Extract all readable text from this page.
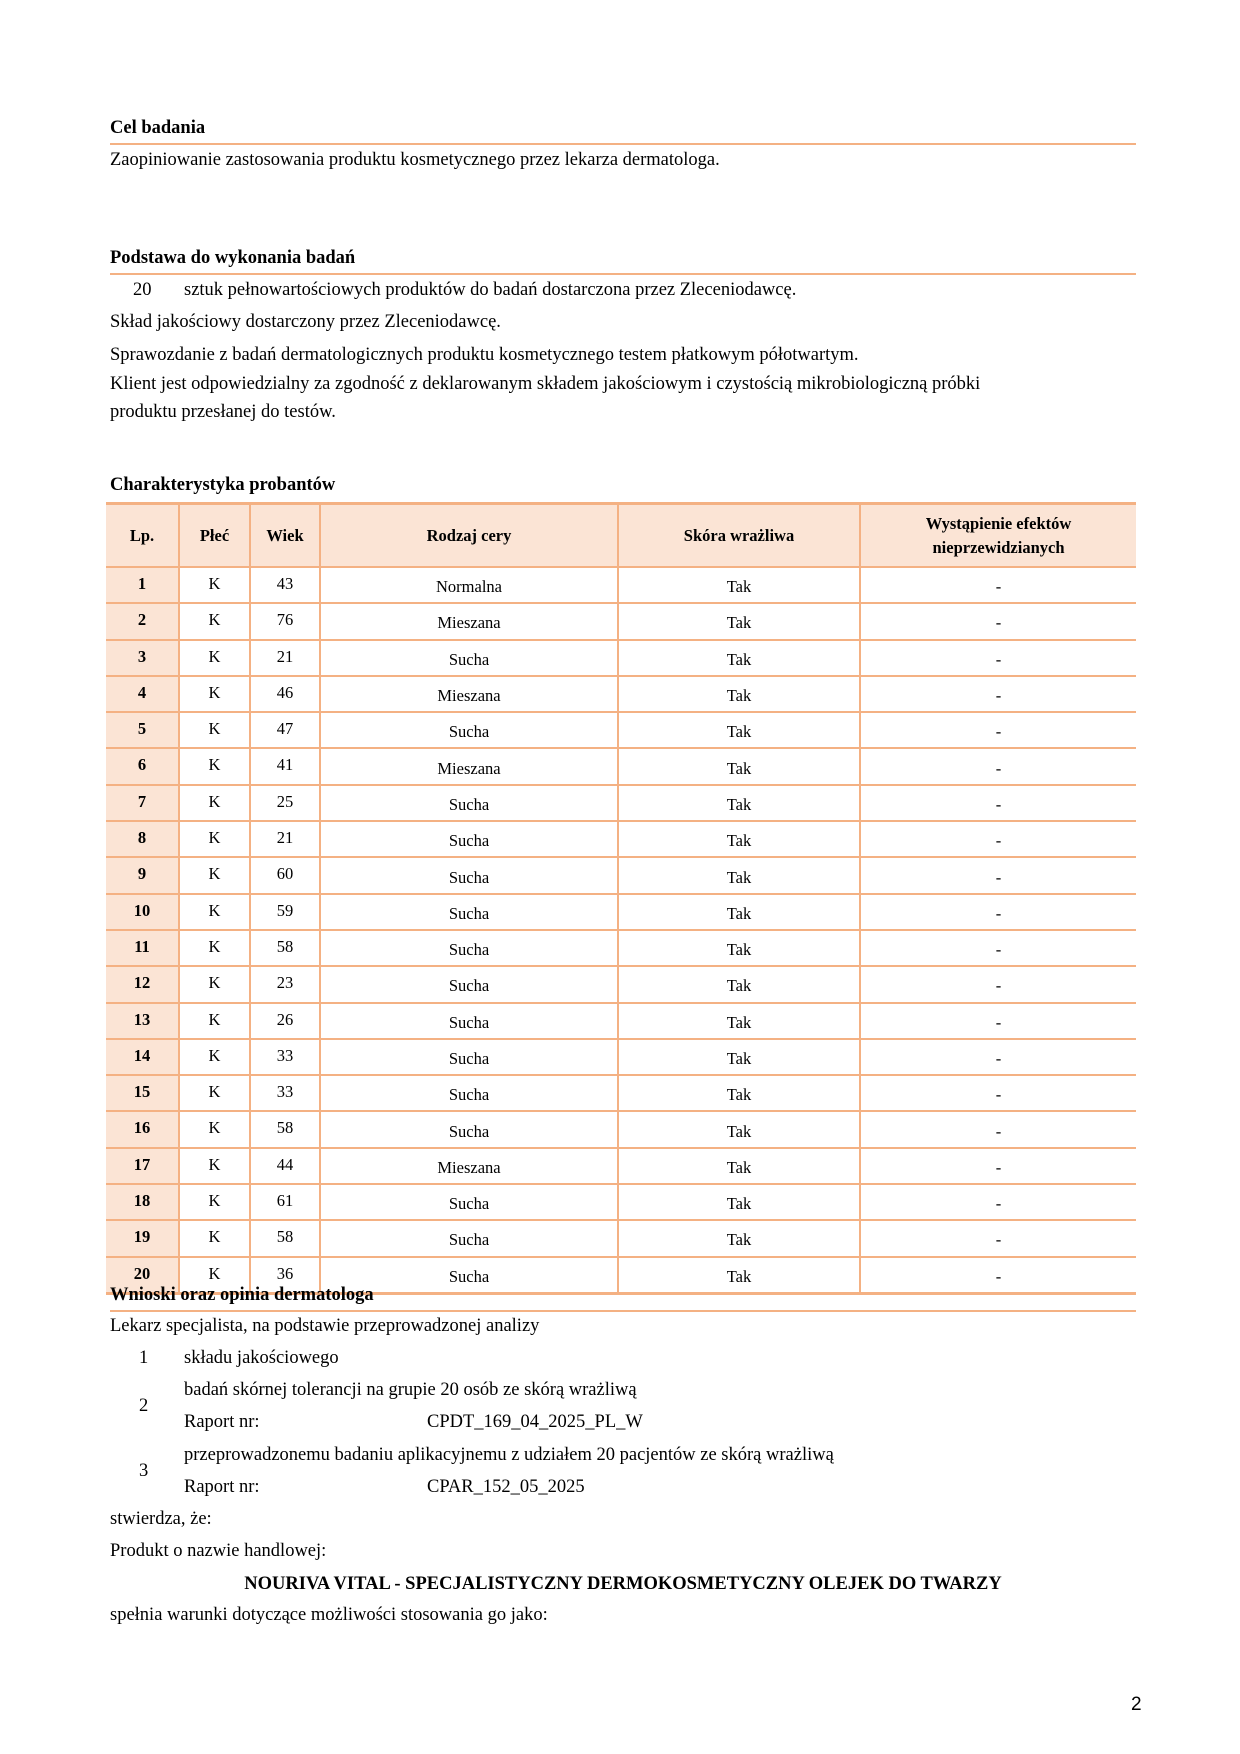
Cel badania
Zaopiniowanie zastosowania produktu kosmetycznego przez lekarza dermatologa.
Podstawa do wykonania badań
20 sztuk pełnowartościowych produktów do badań dostarczona przez Zleceniodawcę.
Skład jakościowy dostarczony przez Zleceniodawcę.
Sprawozdanie z badań dermatologicznych produktu kosmetycznego testem płatkowym półotwartym.
Klient jest odpowiedzialny za zgodność z deklarowanym składem jakościowym i czystością mikrobiologiczną próbki
produktu przesłanej do testów.
Charakterystyka probantów
Lp.	Płeć	Wiek	Rodzaj cery	Skóra wrażliwa	Wystąpienie efektów
nieprzewidzianych

1	K	43	Normalna	Tak	-
2	K	76	Mieszana	Tak	-
3	K	21	Sucha	Tak	-
4	K	46	Mieszana	Tak	-
5	K	47	Sucha	Tak	-
6	K	41	Mieszana	Tak	-
7	K	25	Sucha	Tak	-
8	K	21	Sucha	Tak	-
9	K	60	Sucha	Tak	-
10	K	59	Sucha	Tak	-
11	K	58	Sucha	Tak	-
12	K	23	Sucha	Tak	-
13	K	26	Sucha	Tak	-
14	K	33	Sucha	Tak	-
15	K	33	Sucha	Tak	-
16	K	58	Sucha	Tak	-
17	K	44	Mieszana	Tak	-
18	K	61	Sucha	Tak	-
19	K	58	Sucha	Tak	-
20	K	36	Sucha	Tak	-
Wnioski oraz opinia dermatologa
Lekarz specjalista, na podstawie przeprowadzonej analizy
1 składu jakościowego
2
badań skórnej tolerancji na grupie 20 osób ze skórą wrażliwą
Raport nr:	CPDT_169_04_2025_PL_W
3
przeprowadzonemu badaniu aplikacyjnemu z udziałem 20 pacjentów ze skórą wrażliwą
Raport nr:	CPAR_152_05_2025
stwierdza, że:
Produkt o nazwie handlowej:
NOURIVA VITAL - SPECJALISTYCZNY DERMOKOSMETYCZNY OLEJEK DO TWARZY
spełnia warunki dotyczące możliwości stosowania go jako:
2
